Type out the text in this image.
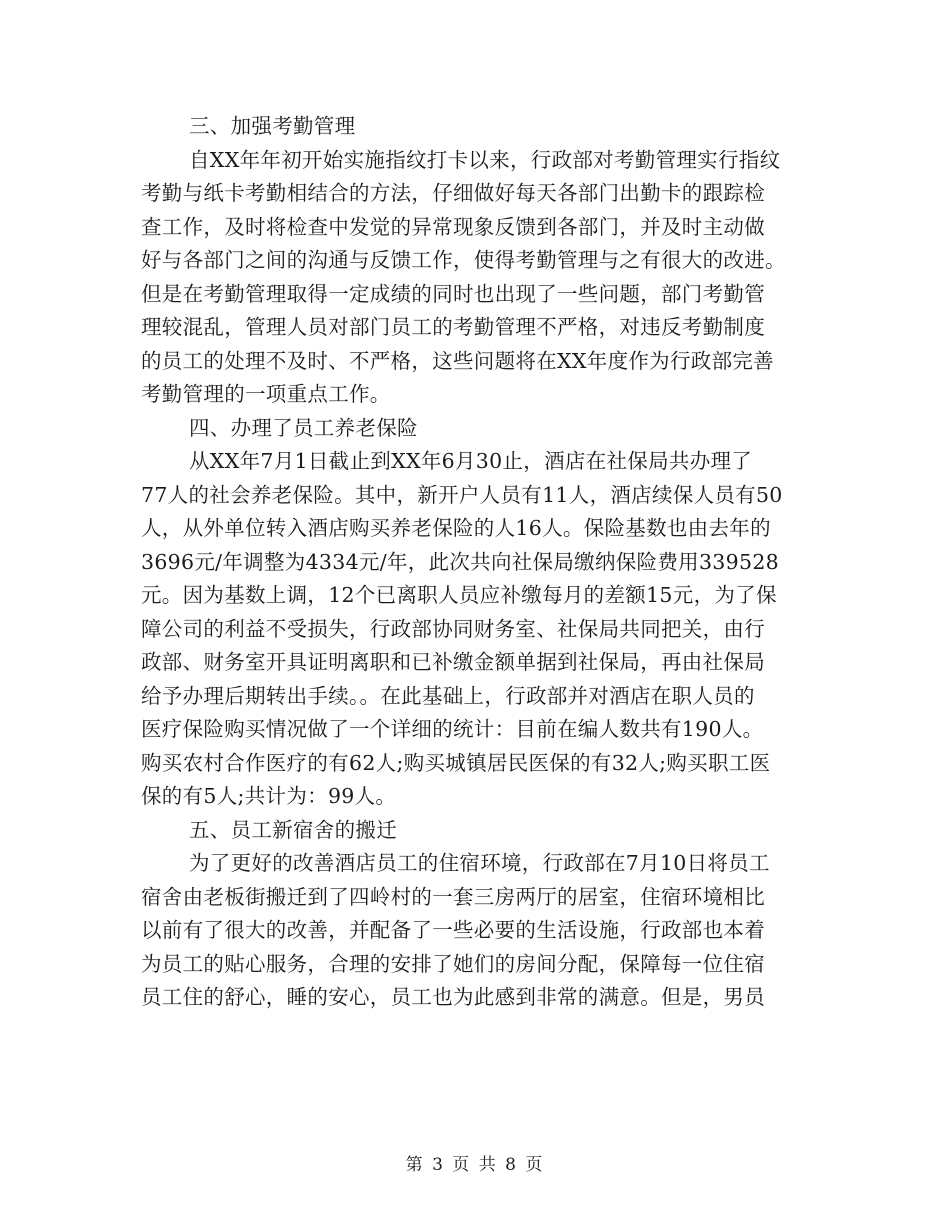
三、加强考勤管理
自XX年年初开始实施指纹打卡以来，行政部对考勤管理实行指纹
考勤与纸卡考勤相结合的方法，仔细做好每天各部门出勤卡的跟踪检
查工作，及时将检查中发觉的异常现象反馈到各部门，并及时主动做
好与各部门之间的沟通与反馈工作，使得考勤管理与之有很大的改进。
但是在考勤管理取得一定成绩的同时也出现了一些问题，部门考勤管
理较混乱，管理人员对部门员工的考勤管理不严格，对违反考勤制度
的员工的处理不及时、不严格，这些问题将在XX年度作为行政部完善
考勤管理的一项重点工作。
四、办理了员工养老保险
从XX年7月1日截止到XX年6月30止，酒店在社保局共办理了
77人的社会养老保险。其中，新开户人员有11人，酒店续保人员有50
人，从外单位转入酒店购买养老保险的人16人。保险基数也由去年的
3696元/年调整为4334元/年，此次共向社保局缴纳保险费用339528
元。因为基数上调，12个已离职人员应补缴每月的差额15元，为了保
障公司的利益不受损失，行政部协同财务室、社保局共同把关，由行
政部、财务室开具证明离职和已补缴金额单据到社保局，再由社保局
给予办理后期转出手续。。在此基础上，行政部并对酒店在职人员的
医疗保险购买情况做了一个详细的统计：目前在编人数共有190人。
购买农村合作医疗的有62人;购买城镇居民医保的有32人;购买职工医
保的有5人;共计为：99人。
五、员工新宿舍的搬迁
为了更好的改善酒店员工的住宿环境，行政部在7月10日将员工
宿舍由老板街搬迁到了四岭村的一套三房两厅的居室，住宿环境相比
以前有了很大的改善，并配备了一些必要的生活设施，行政部也本着
为员工的贴心服务，合理的安排了她们的房间分配，保障每一位住宿
员工住的舒心，睡的安心，员工也为此感到非常的满意。但是，男员
第 3 页 共 8 页
